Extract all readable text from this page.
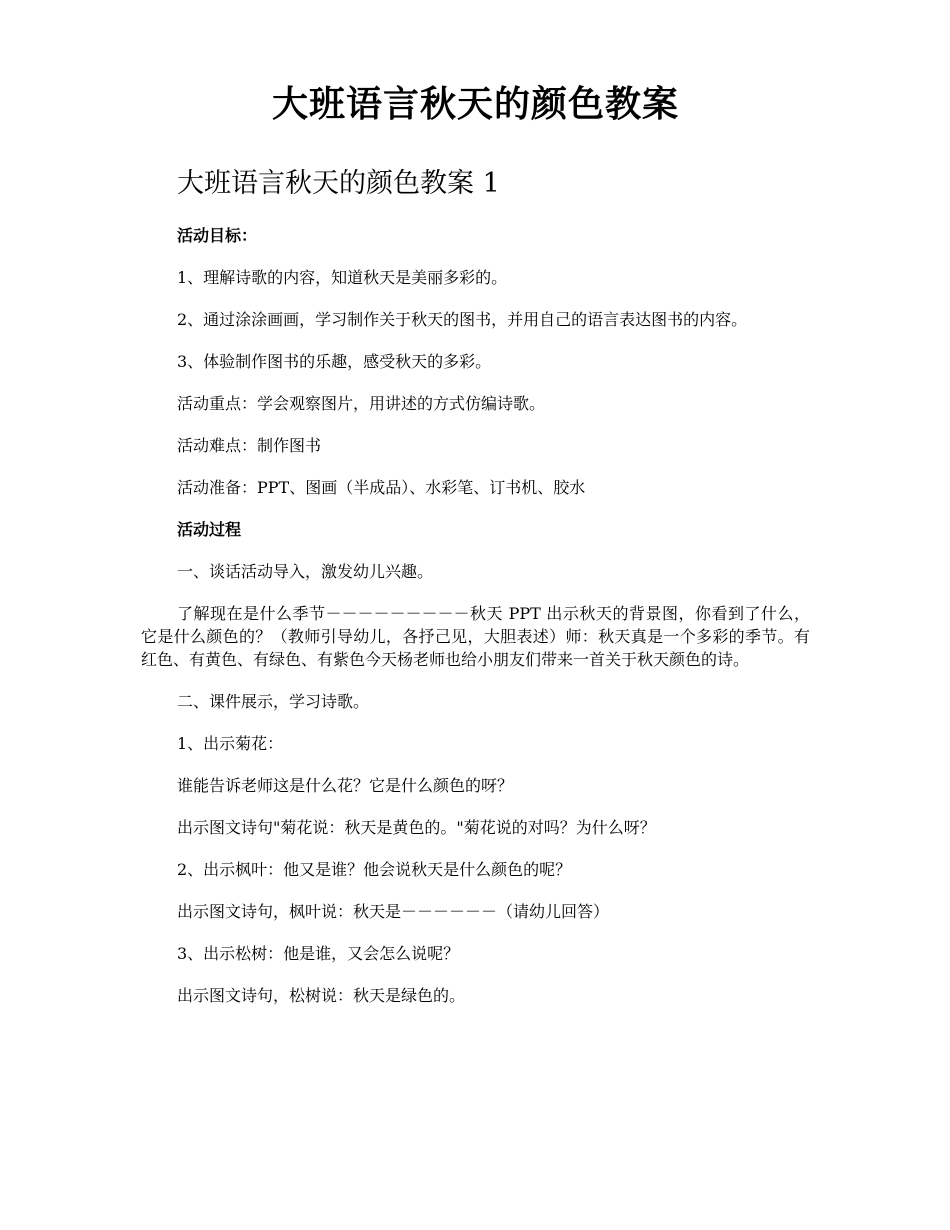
大班语言秋天的颜色教案
大班语言秋天的颜色教案 1

活动目标：

1、理解诗歌的内容，知道秋天是美丽多彩的。

2、通过涂涂画画，学习制作关于秋天的图书，并用自己的语言表达图书的内容。

3、体验制作图书的乐趣，感受秋天的多彩。

活动重点：学会观察图片，用讲述的方式仿编诗歌。

活动难点：制作图书

活动准备：PPT、图画（半成品）、水彩笔、订书机、胶水

活动过程

一、谈话活动导入，激发幼儿兴趣。

了解现在是什么季节－－－－－－－－－秋天 PPT 出示秋天的背景图，你看到了什么，它是什么颜色的？（教师引导幼儿，各抒己见，大胆表述）师：秋天真是一个多彩的季节。有红色、有黄色、有绿色、有紫色今天杨老师也给小朋友们带来一首关于秋天颜色的诗。

二、课件展示，学习诗歌。

1、出示菊花：

谁能告诉老师这是什么花？它是什么颜色的呀？

出示图文诗句"菊花说：秋天是黄色的。"菊花说的对吗？为什么呀？

2、出示枫叶：他又是谁？他会说秋天是什么颜色的呢？

出示图文诗句，枫叶说：秋天是－－－－－－（请幼儿回答）

3、出示松树：他是谁，又会怎么说呢？

出示图文诗句，松树说：秋天是绿色的。
